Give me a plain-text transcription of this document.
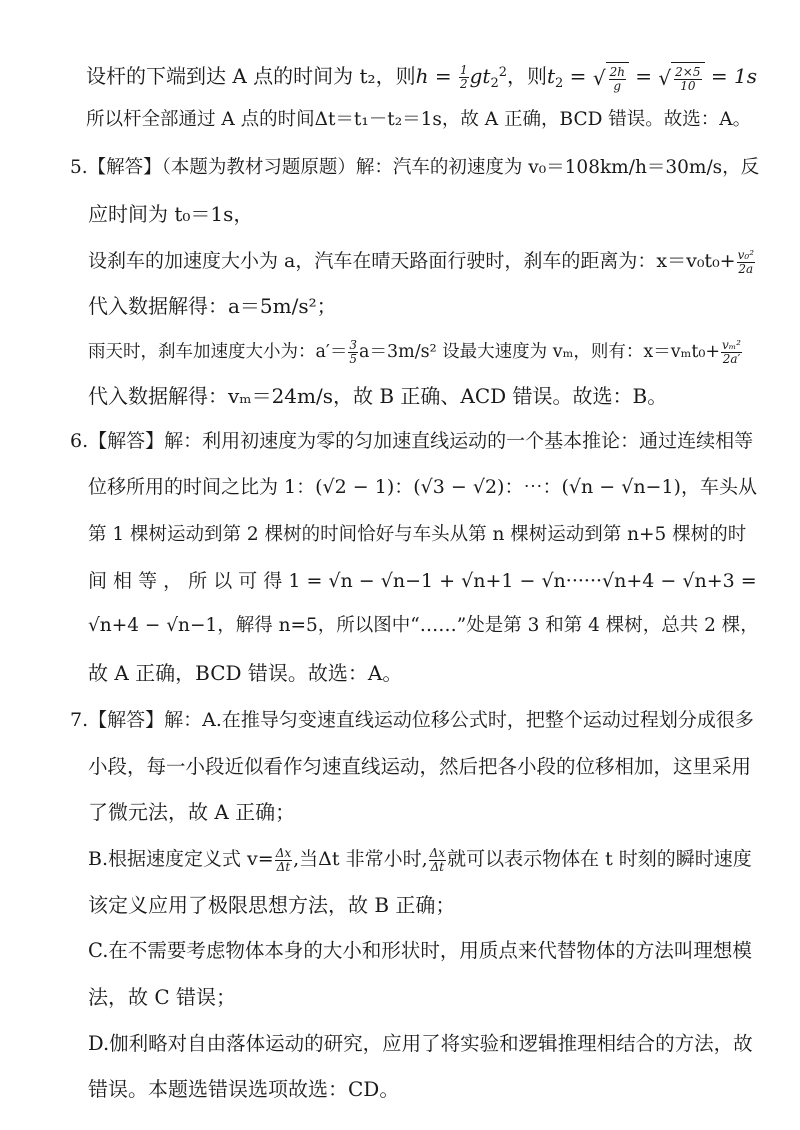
设杆的下端到达 A 点的时间为 t₂，则$h = \frac{1}{2} gt_2^2$，则$t_2$ = √ $\frac{2h}{g}$ = √ $\frac{2\times 5}{10} = 1s$
所以杆全部通过 A 点的时间Δt＝t₁－t₂＝1s，故 A 正确，BCD 错误。故选：A。
5.【解答】（本题为教材习题原题）解：汽车的初速度为 v₀＝108km/h＝30m/s，反
应时间为 t₀＝1s，
设刹车的加速度大小为 a，汽车在晴天路面行驶时，刹车的距离为：$x=v_0t_0+ \frac{\text{v₀²}}{2a}$
代入数据解得：a＝5m/s²；
雨天时，刹车加速度大小为：$a'= \frac{3}{5} a=3m/s^2$ 设最大速度为 vₘ，则有：$x=v_mt_0+ \frac{\text{vₘ²}}{2a'}$
代入数据解得：vₘ＝24m/s，故 B 正确、ACD 错误。故选：B。
6.【解答】解：利用初速度为零的匀加速直线运动的一个基本推论：通过连续相等
位移所用的时间之比为 1：(√2 − 1)：(√3 − √2)：⋯：(√n − √n−1)，车头从
第 1 棵树运动到第 2 棵树的时间恰好与车头从第 n 棵树运动到第 n+5 棵树的时
间 相 等 ， 所 以 可 得 1 = √n − √n−1 + √n+1 − √n······√n+4 − √n+3 =
√n+4 − √n−1，解得 n=5，所以图中“……”处是第 3 和第 4 棵树，总共 2 棵，
故 A 正确，BCD 错误。故选：A。
7.【解答】解：A.在推导匀变速直线运动位移公式时，把整个运动过程划分成很多
小段，每一小段近似看作匀速直线运动，然后把各小段的位移相加，这里采用
了微元法，故 A 正确；
B.根据速度定义式 $v= \frac{\Delta x}{\Delta t}$ ,当Δt 非常小时, $\frac{\Delta x}{\Delta t}$ 就可以表示物体在 t 时刻的瞬时速度
该定义应用了极限思想方法，故 B 正确；
C.在不需要考虑物体本身的大小和形状时，用质点来代替物体的方法叫理想模
法，故 C 错误；
D.伽利略对自由落体运动的研究，应用了将实验和逻辑推理相结合的方法，故
错误。本题选错误选项故选：CD。
